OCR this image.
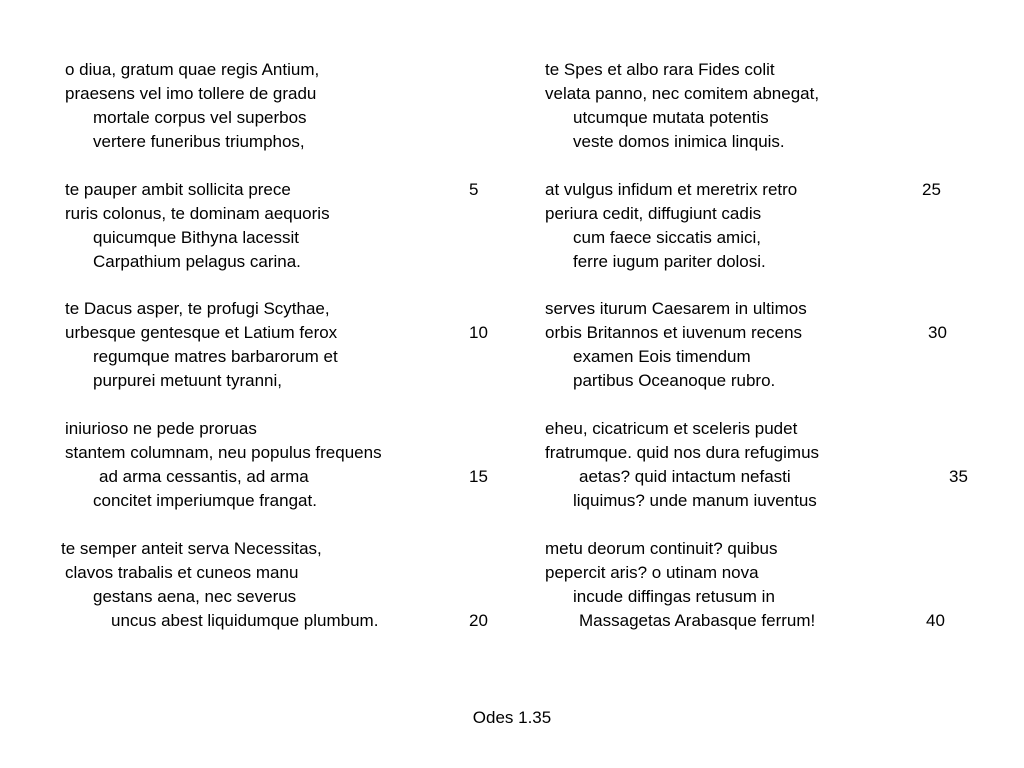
o diua, gratum quae regis Antium,
praesens vel imo tollere de gradu
mortale corpus vel superbos
vertere funeribus triumphos,
te pauper ambit sollicita prece
ruris colonus, te dominam aequoris
quicumque Bithyna lacessit
Carpathium pelagus carina.
te Dacus asper, te profugi Scythae,
urbesque gentesque et Latium ferox
regumque matres barbarorum et
purpurei metuunt tyranni,
iniurioso ne pede proruas
stantem columnam, neu populus frequens
ad arma cessantis, ad arma
concitet imperiumque frangat.
te semper anteit serva Necessitas,
clavos trabalis et cuneos manu
gestans aena, nec severus
uncus abest liquidumque plumbum.
5
10
15
20
te Spes et albo rara Fides colit
velata panno, nec comitem abnegat,
utcumque mutata potentis
veste domos inimica linquis.
at vulgus infidum et meretrix retro
periura cedit, diffugiunt cadis
cum faece siccatis amici,
ferre iugum pariter dolosi.
serves iturum Caesarem in ultimos
orbis Britannos et iuvenum recens
examen Eois timendum
partibus Oceanoque rubro.
eheu, cicatricum et sceleris pudet
fratrumque. quid nos dura refugimus
aetas? quid intactum nefasti
liquimus? unde manum iuventus
metu deorum continuit? quibus
pepercit aris? o utinam nova
incude diffingas retusum in
Massagetas Arabasque ferrum!
25
30
35
40
Odes 1.35
